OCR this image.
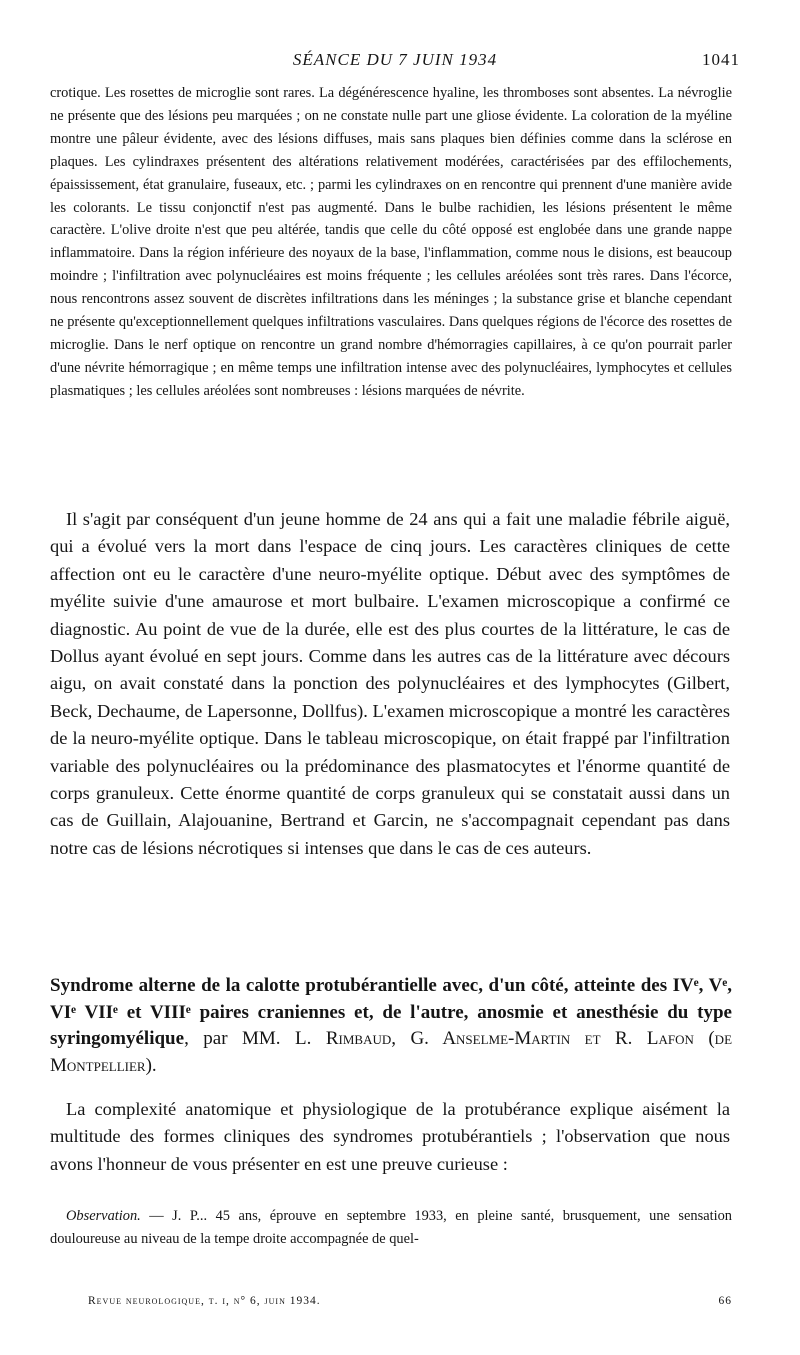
SÉANCE DU 7 JUIN 1934	1041

crotique. Les rosettes de microglie sont rares. La dégénérescence hyaline, les thromboses sont absentes. La névroglie ne présente que des lésions peu marquées ; on ne constate nulle part une gliose évidente. La coloration de la myéline montre une pâleur évidente, avec des lésions diffuses, mais sans plaques bien définies comme dans la sclérose en plaques. Les cylindraxes présentent des altérations relativement modérées, caractérisées par des effilochements, épaississement, état granulaire, fuseaux, etc. ; parmi les cylindraxes on en rencontre qui prennent d'une manière avide les colorants. Le tissu conjonctif n'est pas augmenté. Dans le bulbe rachidien, les lésions présentent le même caractère. L'olive droite n'est que peu altérée, tandis que celle du côté opposé est englobée dans une grande nappe inflammatoire. Dans la région inférieure des noyaux de la base, l'inflammation, comme nous le disions, est beaucoup moindre ; l'infiltration avec polynucléaires est moins fréquente ; les cellules aréolées sont très rares. Dans l'écorce, nous rencontrons assez souvent de discrètes infiltrations dans les méninges ; la substance grise et blanche cependant ne présente qu'exceptionnellement quelques infiltrations vasculaires. Dans quelques régions de l'écorce des rosettes de microglie. Dans le nerf optique on rencontre un grand nombre d'hémorragies capillaires, à ce qu'on pourrait parler d'une névrite hémorragique ; en même temps une infiltration intense avec des polynucléaires, lymphocytes et cellules plasmatiques ; les cellules aréolées sont nombreuses : lésions marquées de névrite.

Il s'agit par conséquent d'un jeune homme de 24 ans qui a fait une maladie fébrile aiguë, qui a évolué vers la mort dans l'espace de cinq jours. Les caractères cliniques de cette affection ont eu le caractère d'une neuro-myélite optique. Début avec des symptômes de myélite suivie d'une amaurose et mort bulbaire. L'examen microscopique a confirmé ce diagnostic. Au point de vue de la durée, elle est des plus courtes de la littérature, le cas de Dollus ayant évolué en sept jours. Comme dans les autres cas de la littérature avec décours aigu, on avait constaté dans la ponction des polynucléaires et des lymphocytes (Gilbert, Beck, Dechaume, de Lapersonne, Dollfus). L'examen microscopique a montré les caractères de la neuro-myélite optique. Dans le tableau microscopique, on était frappé par l'infiltration variable des polynucléaires ou la prédominance des plasmatocytes et l'énorme quantité de corps granuleux. Cette énorme quantité de corps granuleux qui se constatait aussi dans un cas de Guillain, Alajouanine, Bertrand et Garcin, ne s'accompagnait cependant pas dans notre cas de lésions nécrotiques si intenses que dans le cas de ces auteurs.

Syndrome alterne de la calotte protubérantielle avec, d'un côté, atteinte des IVᵉ, Vᵉ, VIᵉ VIIᵉ et VIIIᵉ paires craniennes et, de l'autre, anosmie et anesthésie du type syringomyélique, par MM. L. Rimbaud, G. Anselme-Martin et R. Lafon (de Montpellier).

La complexité anatomique et physiologique de la protubérance explique aisément la multitude des formes cliniques des syndromes protubérantiels ; l'observation que nous avons l'honneur de vous présenter en est une preuve curieuse :

Observation. — J. P... 45 ans, éprouve en septembre 1933, en pleine santé, brusquement, une sensation douloureuse au niveau de la tempe droite accompagnée de quel-
Revue neurologique, t. i, n° 6, juin 1934.	66
